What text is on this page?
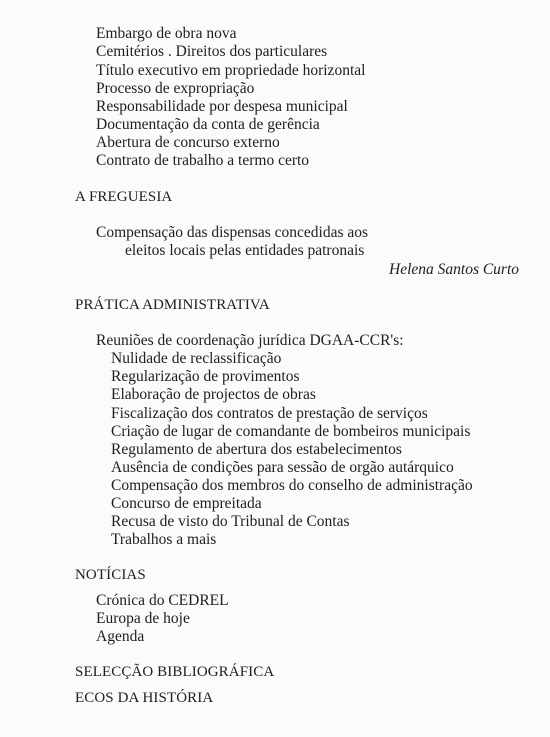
Embargo de obra nova
Cemitérios . Direitos dos particulares
Título executivo em propriedade horizontal
Processo de expropriação
Responsabilidade por despesa municipal
Documentação da conta de gerência
Abertura de concurso externo
Contrato de trabalho a termo certo
A FREGUESIA
Compensação das dispensas concedidas aos
eleitos locais pelas entidades patronais
Helena Santos Curto
PRÁTICA ADMINISTRATIVA
Reuniões de coordenação jurídica DGAA-CCR's:
Nulidade de reclassificação
Regularização de provimentos
Elaboração de projectos de obras
Fiscalização dos contratos de prestação de serviços
Criação de lugar de comandante de bombeiros municipais
Regulamento de abertura dos estabelecimentos
Ausência de condições para sessão de orgão autárquico
Compensação dos membros do conselho de administração
Concurso de empreitada
Recusa de visto do Tribunal de Contas
Trabalhos a mais
NOTÍCIAS
Crónica do CEDREL
Europa de hoje
Agenda
SELECÇÃO BIBLIOGRÁFICA
ECOS DA HISTÓRIA
